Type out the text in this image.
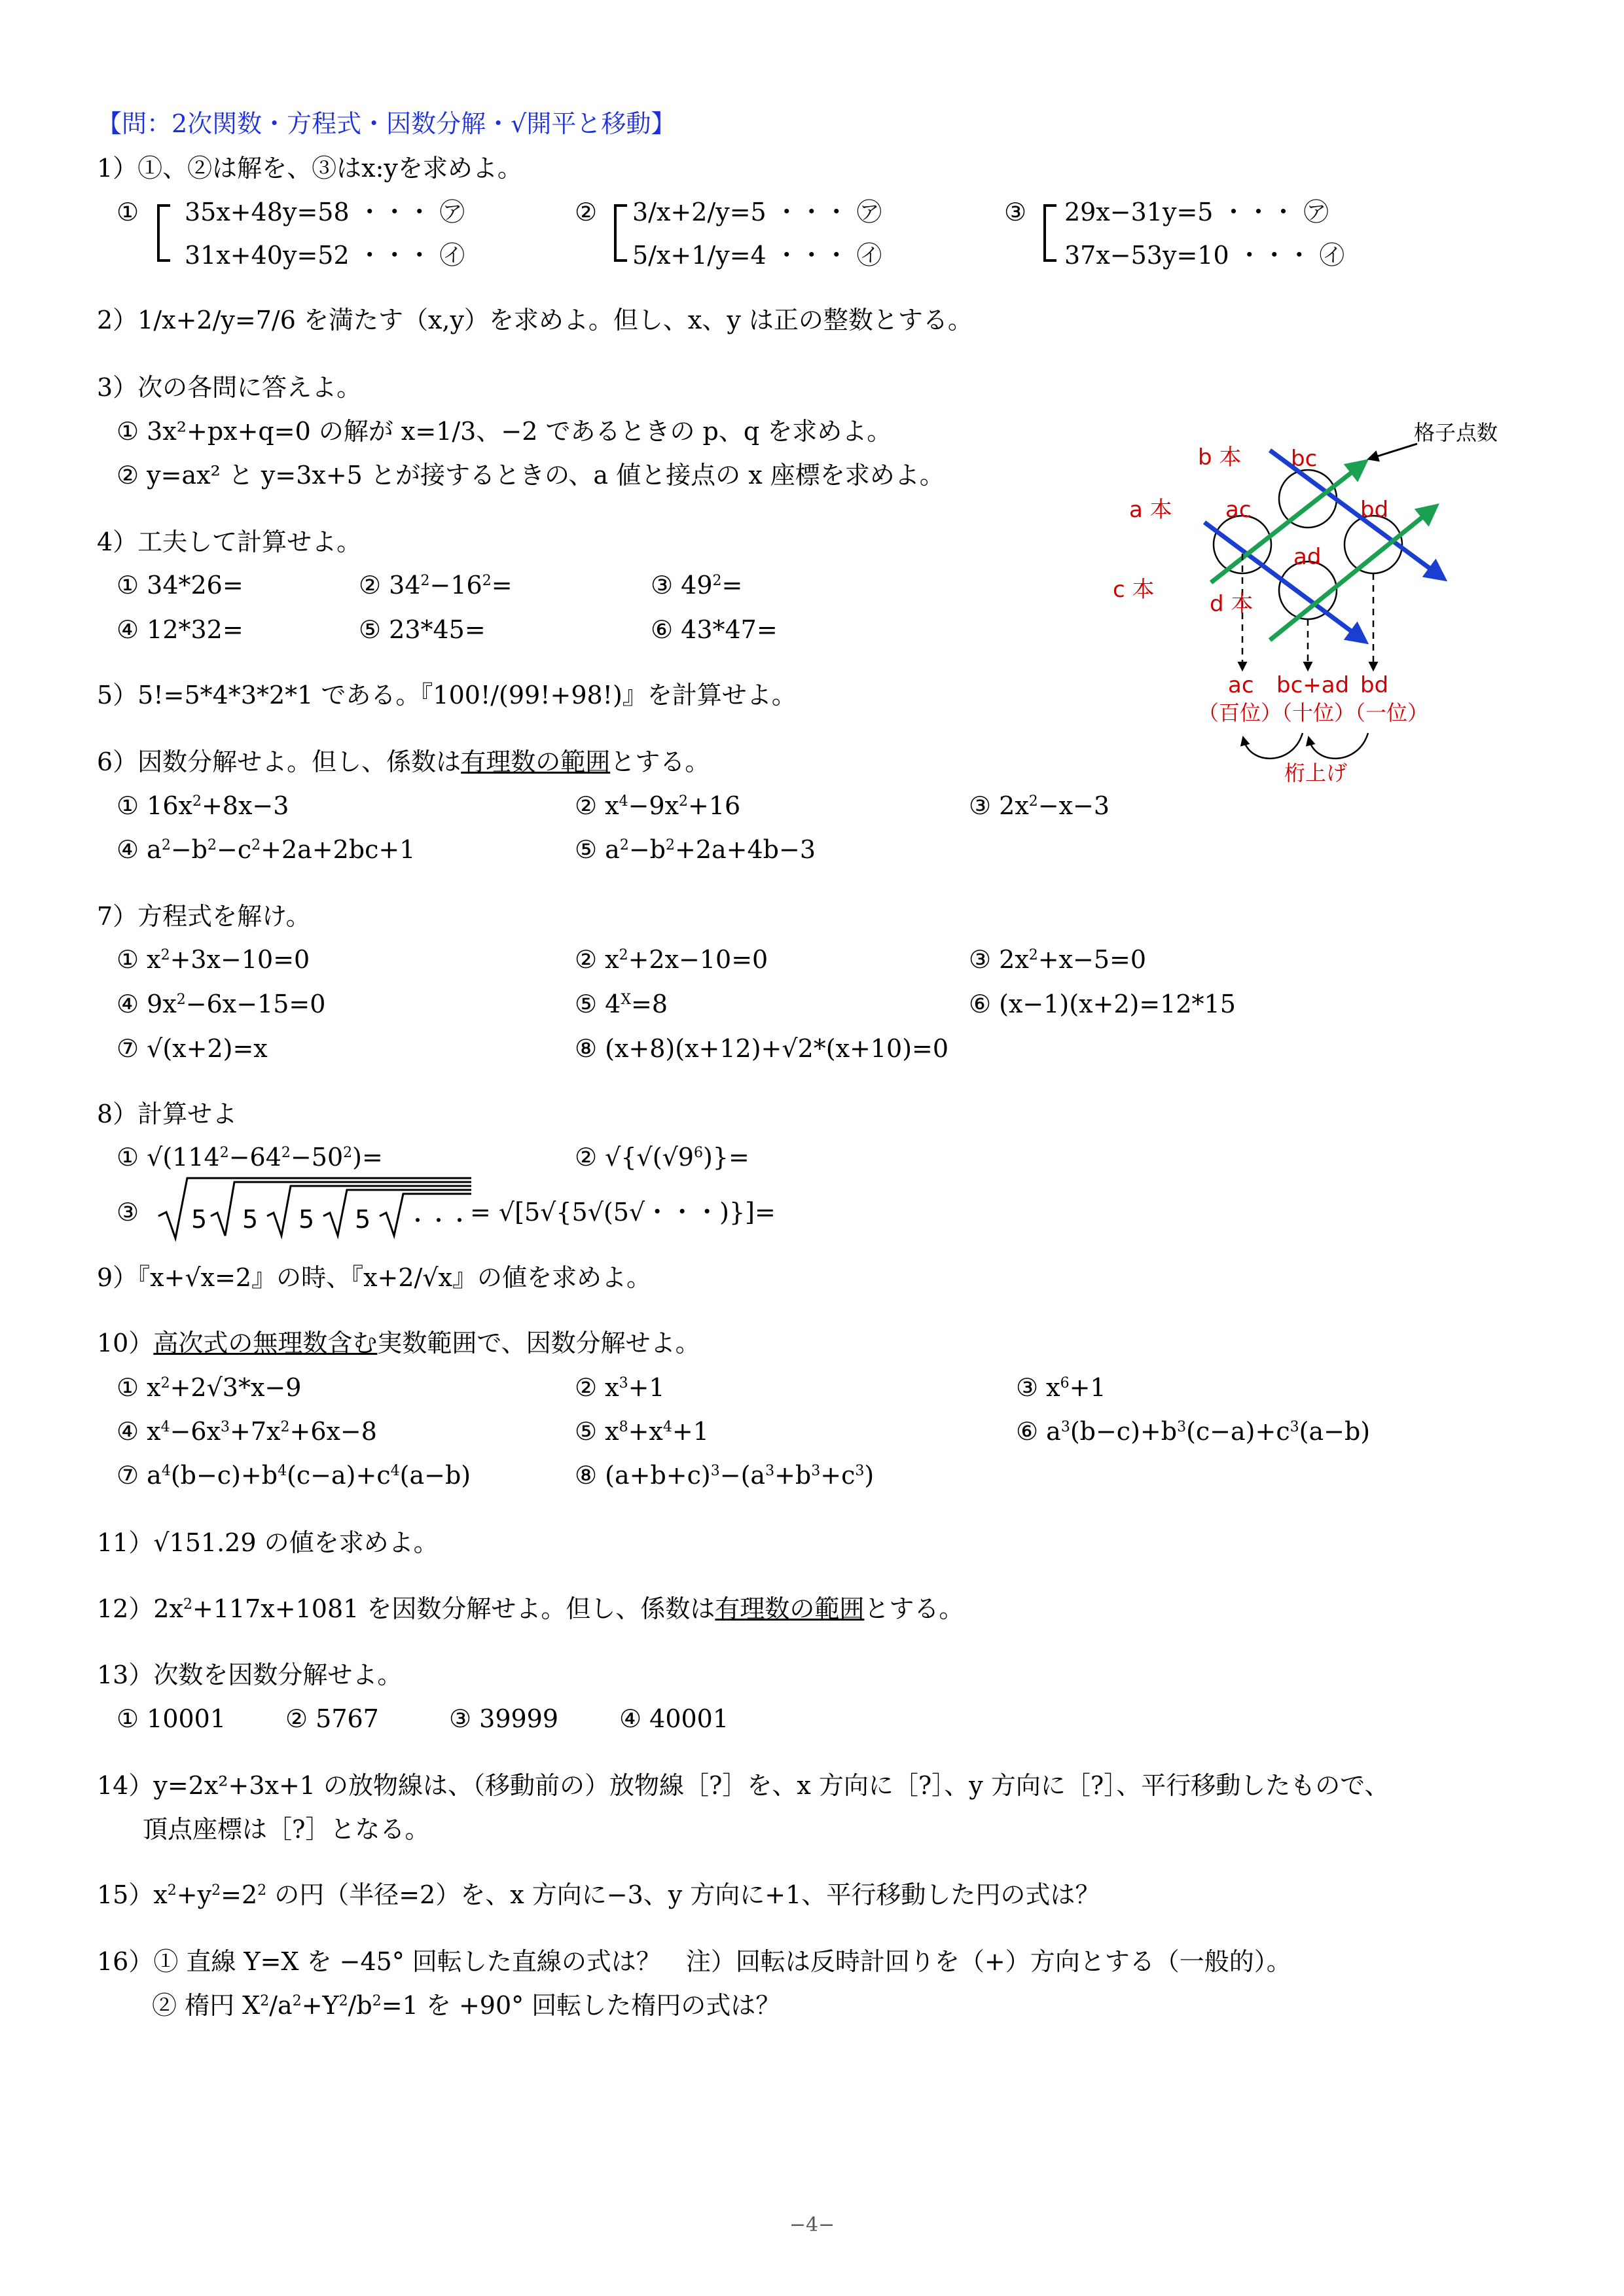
【問：2次関数・方程式・因数分解・√開平と移動】
1）①、②は解を、③はx:yを求めよ。
① 35x+48y=58 ・・・ ㋐
31x+40y=52 ・・・ ㋑
② 3/x+2/y=5 ・・・ ㋐
5/x+1/y=4 ・・・ ㋑
③ 29x−31y=5 ・・・ ㋐
37x−53y=10 ・・・ ㋑
2）1/x+2/y=7/6 を満たす（x,y）を求めよ。但し、x、y は正の整数とする。
3）次の各問に答えよ。
① 3x²+px+q=0 の解が x=1/3、−2 であるときの p、q を求めよ。
② y=ax² と y=3x+5 とが接するときの、a 値と接点の x 座標を求めよ。
b 本
a 本
c 本
d 本
bc
ac	bd
ad
格子点数
ac bc+ad bd
（百位）
（十位）
（一位）
桁上げ
4）工夫して計算せよ。
① 34*26=	② $34^2-16^2=$	③ $49^2=$
④ 12*32=	⑤ 23*45=	⑥ 43*47=
5）5!=5*4*3*2*1 である。『100!/(99!+98!)』を計算せよ。
6）因数分解せよ。但し、係数は有理数の範囲とする。
① $16x^2+8x-3$	② $x^4-9x^2+16$	③ $2x^2-x-3$
④ $a^2-b^2-c^2+2a+2bc+1$	⑤ $a^2-b^2+2a+4b-3$
7）方程式を解け。
① $x^2+3x-10=0$	② $x^2+2x-10=0$	③ $2x^2+x-5=0$
④ $9x^2-6x-15=0$	⑤ $4^X=8$	⑥ (x−1)(x+2)=12*15
⑦ √(x+2)=x	⑧ (x+8)(x+12)+√2*(x+10)=0
8）計算せよ
① $√(114^2-64^2-50^2)=$	② $√\{√(√9^6)\}=$
③ 5 5 5 5 ・・・ = √[5√{5√(5√・・・)}]=
9）『x+√x=2』の時、『x+2/√x』の値を求めよ。
10）高次式の無理数含む実数範囲で、因数分解せよ。
① $x^2+2√3*x-9$	② $x^3+1$	③ $x^6+1$
④ $x^4-6x^3+7x^2+6x-8$	⑤ $x^8+x^4+1$	⑥ $a^3(b-c)+b^3(c-a)+c^3(a-b)$
⑦ $a^4(b-c)+b^4(c-a)+c^4(a-b)$	⑧ $(a+b+c)^3-(a^3+b^3+c^3)$
11）√151.29 の値を求めよ。
$12)2x^2+117x+1081$ を因数分解せよ。但し、係数は有理数の範囲とする。
13）次数を因数分解せよ。
① 10001 ② 5767	③ 39999 ④ 40001
14）y=2x²+3x+1 の放物線は、（移動前の）放物線［?］を、x 方向に［?］、y 方向に［?］、平行移動したもので、
頂点座標は［?］となる。
$15)x^2+y^2=2^2$ の円（半径=2）を、x 方向に−3、y 方向に+1、平行移動した円の式は？
16）① 直線 Y=X を −45° 回転した直線の式は？　注）回転は反時計回りを（+）方向とする（一般的）。
② 楕円 $X^2/a^2+Y^2/b^2=1$ を +90° 回転した楕円の式は？
−4−
